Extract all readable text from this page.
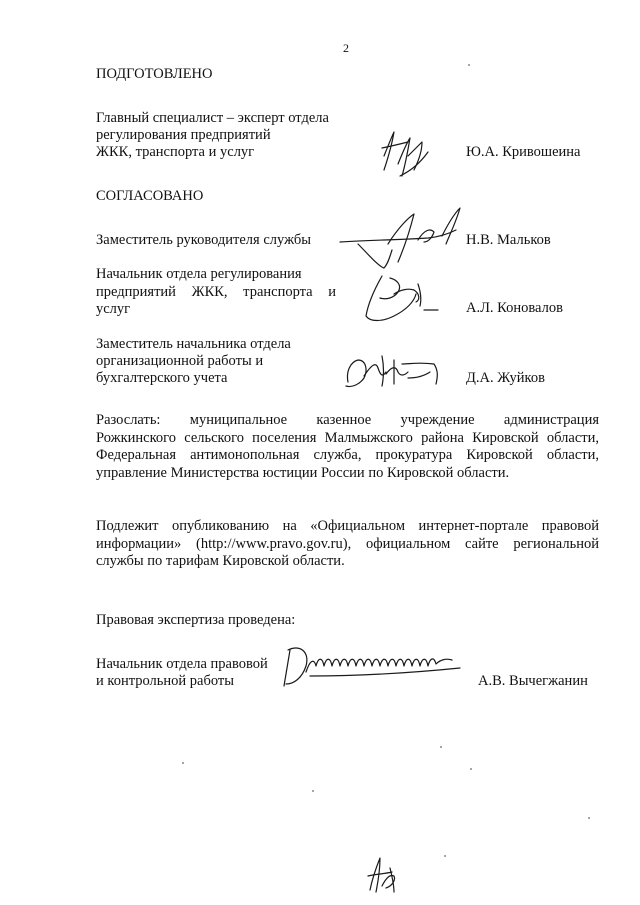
2
ПОДГОТОВЛЕНО
Главный специалист – эксперт отдела
регулирования предприятий
ЖКК, транспорта и услуг	Ю.А. Кривошеина
СОГЛАСОВАНО
Заместитель руководителя службы	Н.В. Мальков
Начальник отдела регулирования
предприятий ЖКК, транспорта и
услуг	А.Л. Коновалов
Заместитель начальника отдела
организационной работы и
бухгалтерского учета	Д.А. Жуйков
Разослать: муниципальное казенное учреждение администрация
Рожкинского сельского поселения Малмыжского района Кировской области,
Федеральная антимонопольная служба, прокуратура Кировской области,
управление Министерства юстиции России по Кировской области.
Подлежит опубликованию на «Официальном интернет-портале правовой
информации» (http://www.pravo.gov.ru), официальном сайте региональной
службы по тарифам Кировской области.
Правовая экспертиза проведена:
Начальник отдела правовой
и контрольной работы	А.В. Вычегжанин
